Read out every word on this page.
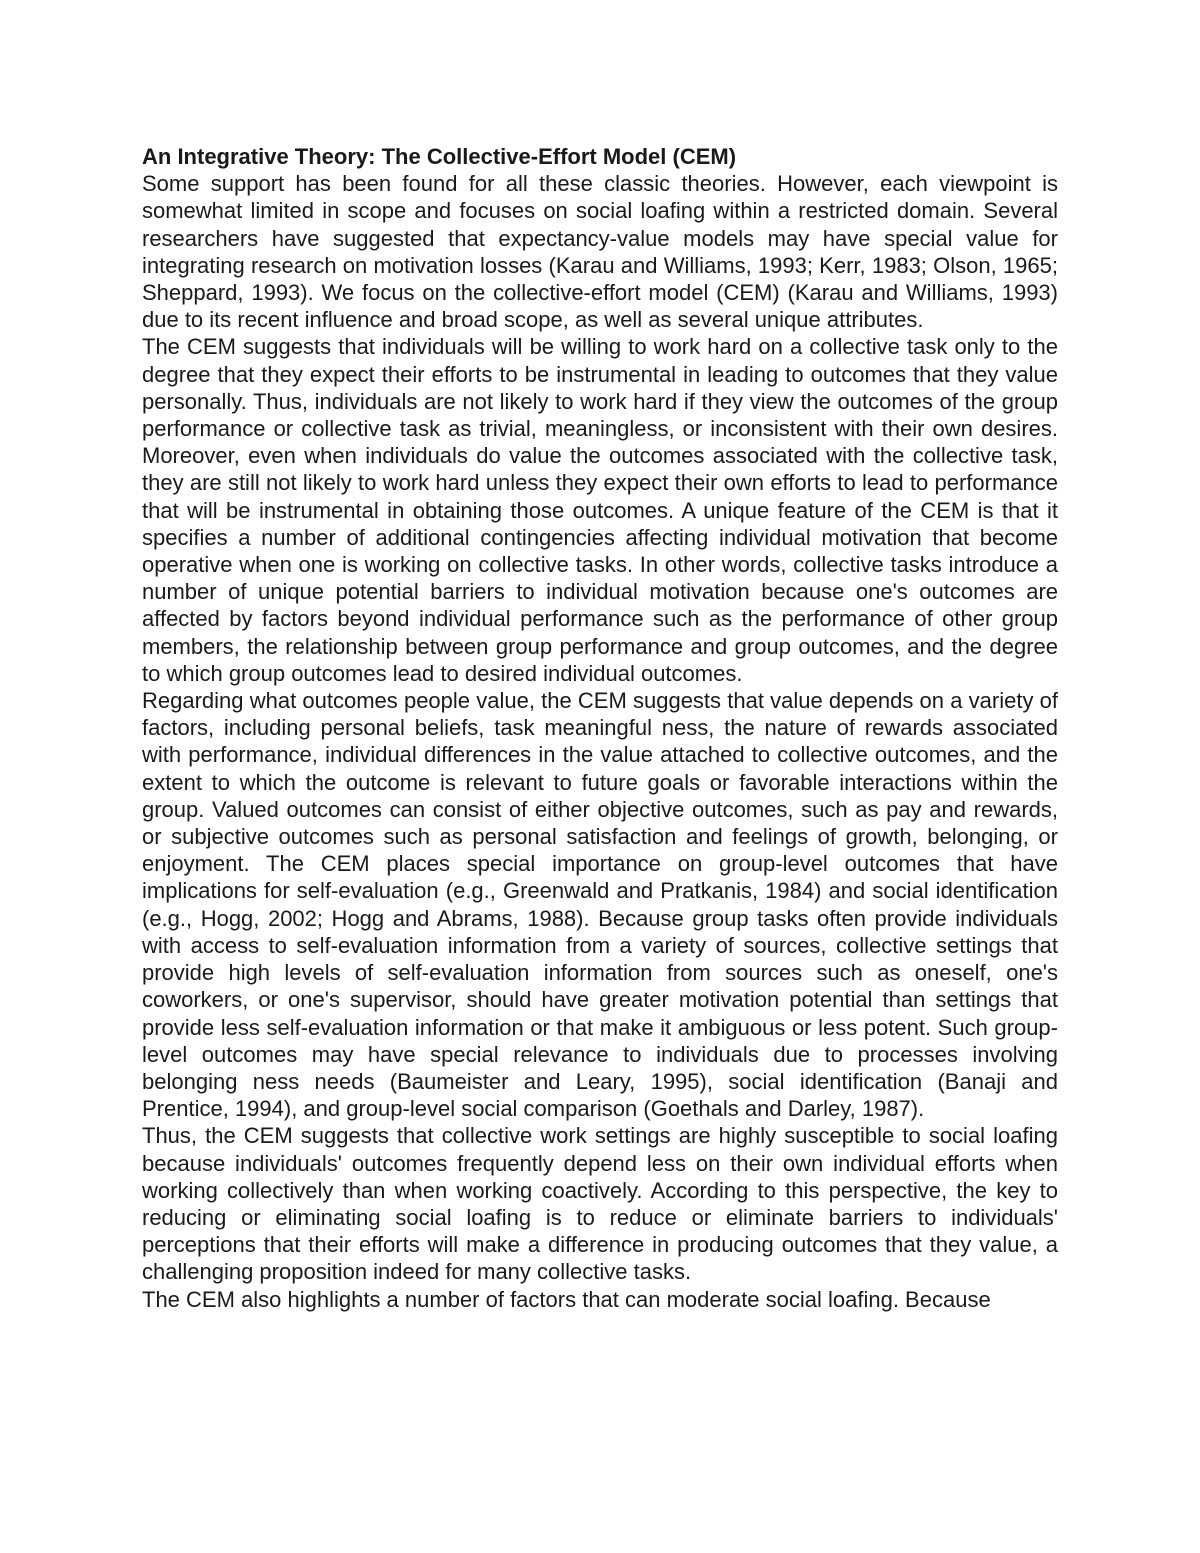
An Integrative Theory: The Collective-Effort Model (CEM)

Some support has been found for all these classic theories. However, each viewpoint is somewhat limited in scope and focuses on social loafing within a restricted domain. Several researchers have suggested that expectancy-value models may have special value for integrating research on motivation losses (Karau and Williams, 1993; Kerr, 1983; Olson, 1965; Sheppard, 1993). We focus on the collective-effort model (CEM) (Karau and Williams, 1993) due to its recent influence and broad scope, as well as several unique attributes.

The CEM suggests that individuals will be willing to work hard on a collective task only to the degree that they expect their efforts to be instrumental in leading to outcomes that they value personally. Thus, individuals are not likely to work hard if they view the outcomes of the group performance or collective task as trivial, meaningless, or inconsistent with their own desires. Moreover, even when individuals do value the outcomes associated with the collective task, they are still not likely to work hard unless they expect their own efforts to lead to performance that will be instrumental in obtaining those outcomes. A unique feature of the CEM is that it specifies a number of additional contingencies affecting individual motivation that become operative when one is working on collective tasks. In other words, collective tasks introduce a number of unique potential barriers to individual motivation because one's outcomes are affected by factors beyond individual performance such as the performance of other group members, the relationship between group performance and group outcomes, and the degree to which group outcomes lead to desired individual outcomes.

Regarding what outcomes people value, the CEM suggests that value depends on a variety of factors, including personal beliefs, task meaningful ness, the nature of rewards associated with performance, individual differences in the value attached to collective outcomes, and the extent to which the outcome is relevant to future goals or favorable interactions within the group. Valued outcomes can consist of either objective outcomes, such as pay and rewards, or subjective outcomes such as personal satisfaction and feelings of growth, belonging, or enjoyment. The CEM places special importance on group-level outcomes that have implications for self-evaluation (e.g., Greenwald and Pratkanis, 1984) and social identification (e.g., Hogg, 2002; Hogg and Abrams, 1988). Because group tasks often provide individuals with access to self-evaluation information from a variety of sources, collective settings that provide high levels of self-evaluation information from sources such as oneself, one's coworkers, or one's supervisor, should have greater motivation potential than settings that provide less self-evaluation information or that make it ambiguous or less potent. Such group-level outcomes may have special relevance to individuals due to processes involving belonging ness needs (Baumeister and Leary, 1995), social identification (Banaji and Prentice, 1994), and group-level social comparison (Goethals and Darley, 1987).

Thus, the CEM suggests that collective work settings are highly susceptible to social loafing because individuals' outcomes frequently depend less on their own individual efforts when working collectively than when working coactively. According to this perspective, the key to reducing or eliminating social loafing is to reduce or eliminate barriers to individuals' perceptions that their efforts will make a difference in producing outcomes that they value, a challenging proposition indeed for many collective tasks.

The CEM also highlights a number of factors that can moderate social loafing. Because
